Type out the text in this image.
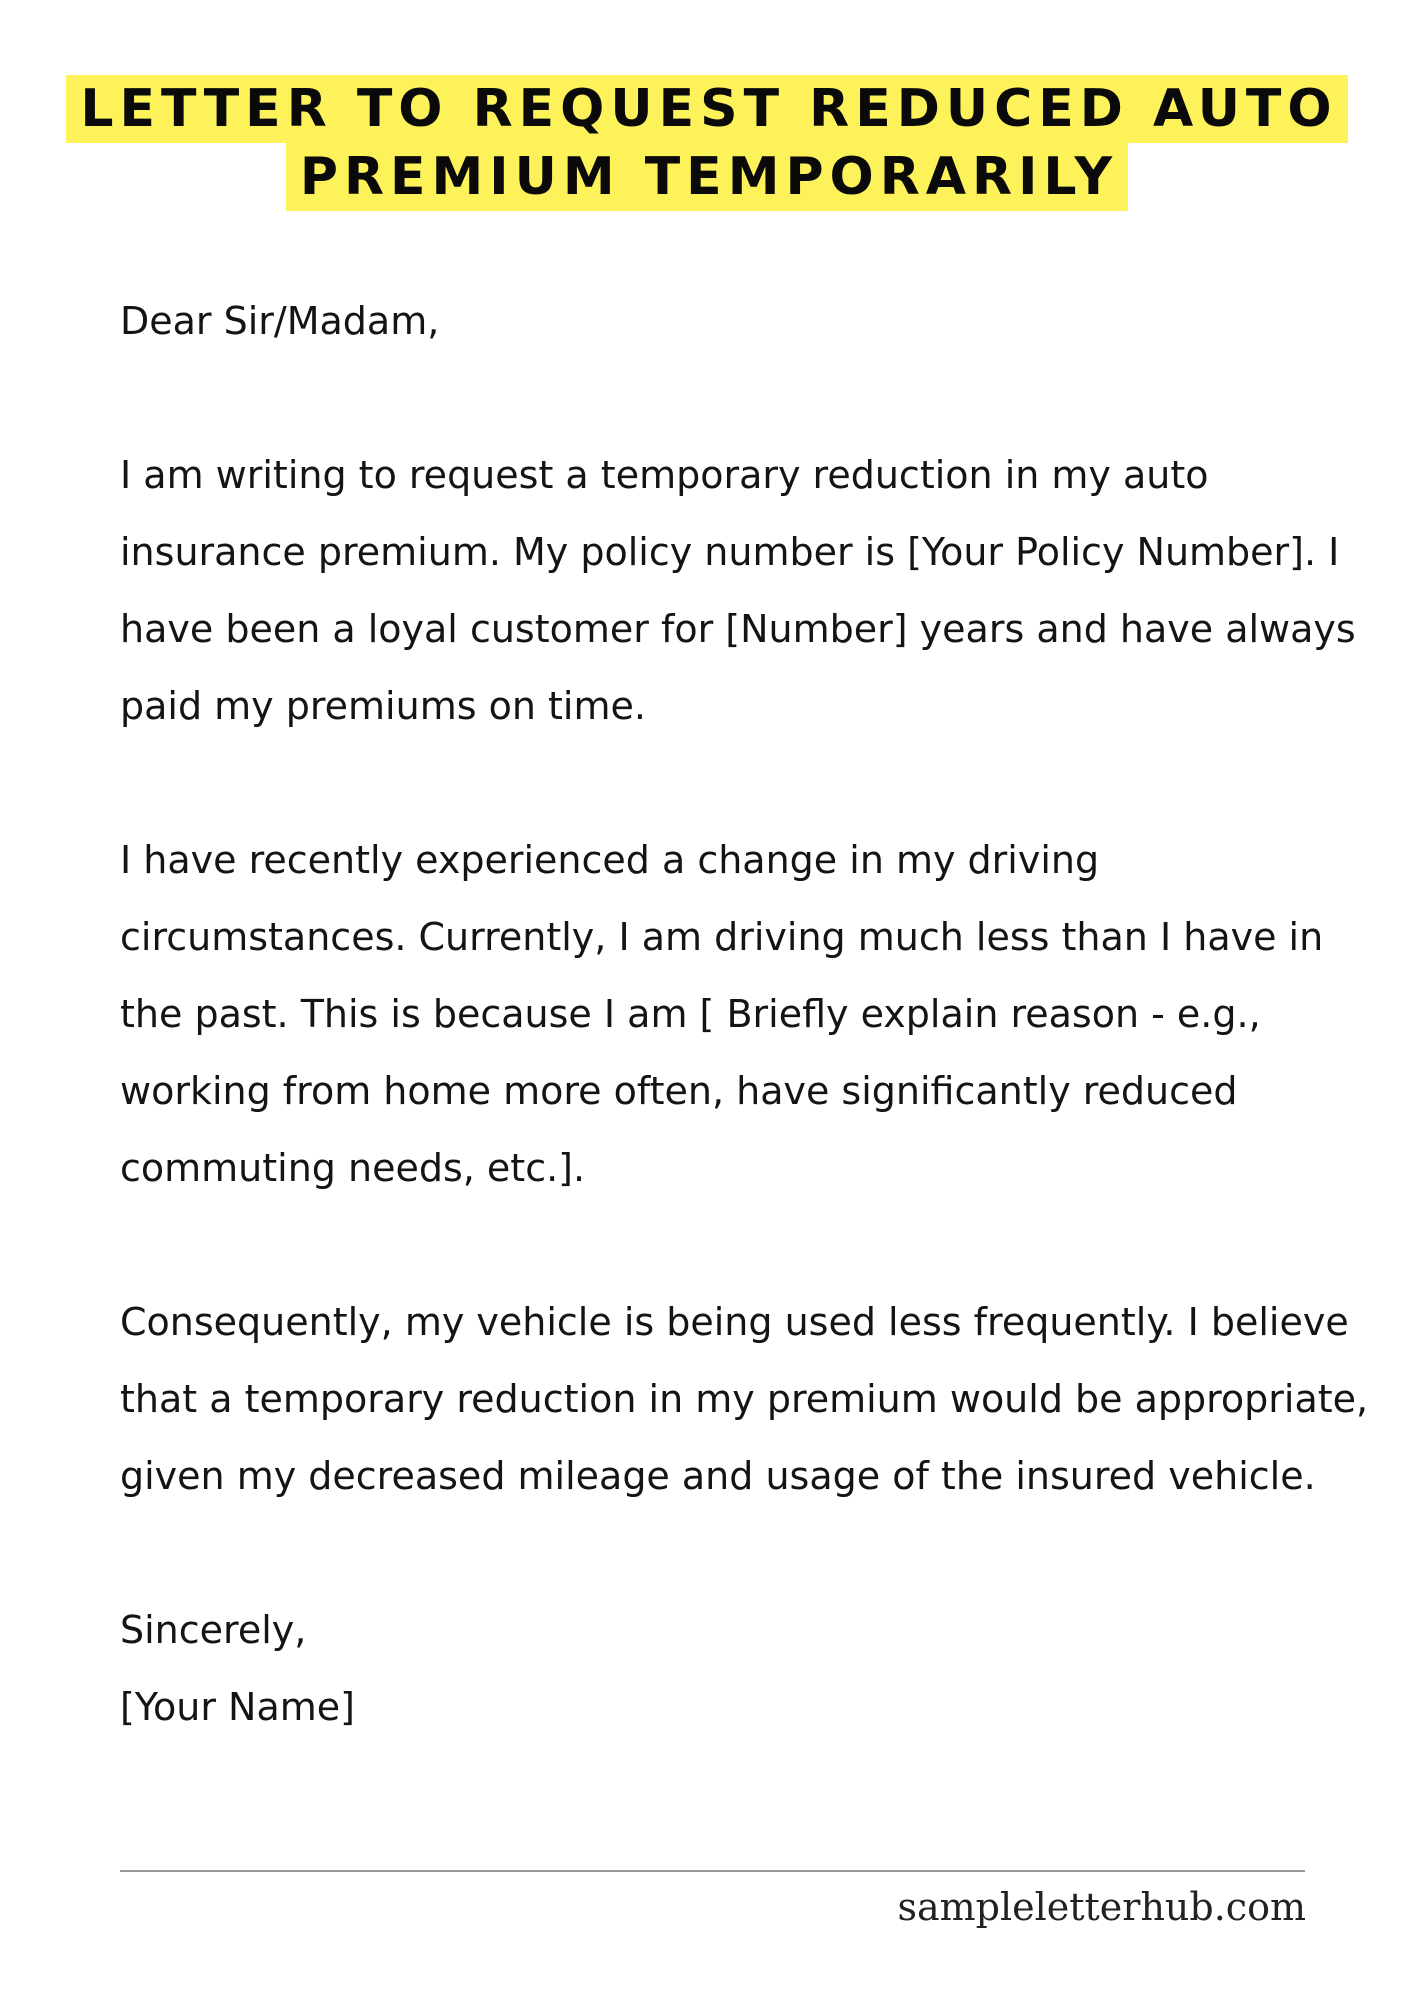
LETTER TO REQUEST REDUCED AUTO
PREMIUM TEMPORARILY

Dear Sir/Madam,

I am writing to request a temporary reduction in my auto insurance premium. My policy number is [Your Policy Number]. I have been a loyal customer for [Number] years and have always paid my premiums on time.

I have recently experienced a change in my driving circumstances. Currently, I am driving much less than I have in the past. This is because I am [ Briefly explain reason - e.g., working from home more often, have significantly reduced commuting needs, etc.].

Consequently, my vehicle is being used less frequently. I believe that a temporary reduction in my premium would be appropriate, given my decreased mileage and usage of the insured vehicle.

Sincerely,

[Your Name]

sampleletterhub.com
